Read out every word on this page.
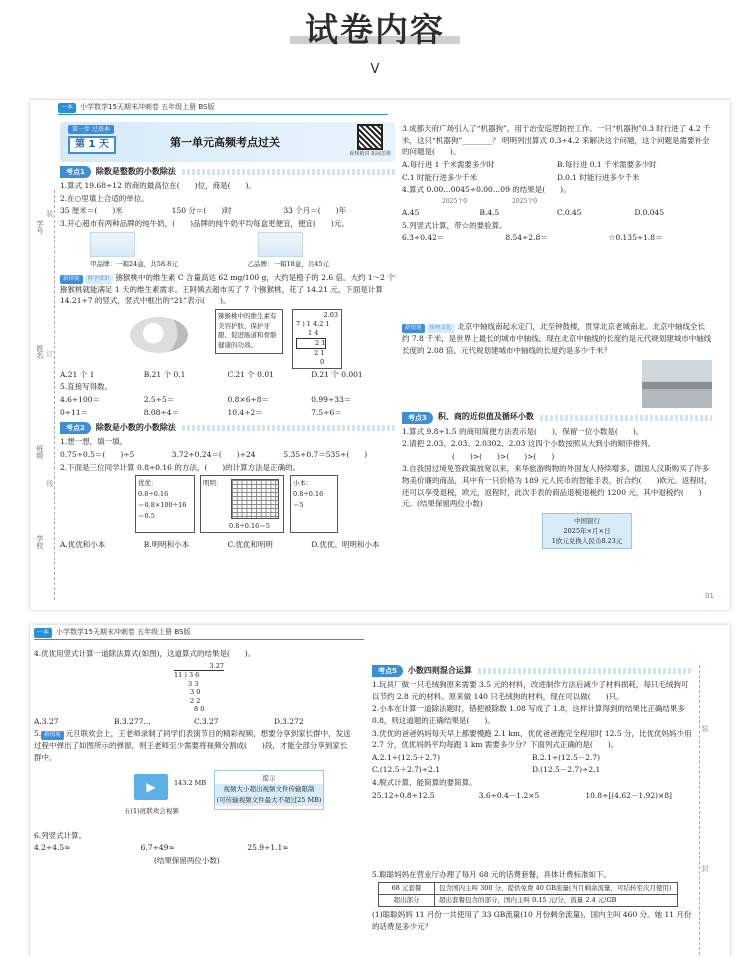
试卷内容
V
一本 小学数学15天期末冲刺卷 五年级上册 BS版
学号
姓名
班级
学校
装
订
线
第一步 过基本
第 1 天	第一单元高频考点过关
视频精讲 拓展思维
考点1	除数是整数的小数除法
1.算式 19.68÷12 的商的最高位在(　　)位，商是(　　)。
2.在○里填上合适的单位。
35 厘米＝(　　)米	150 分＝(　　)时	33 个月＝(　　)年
3.开心超市有两种品牌的纯牛奶，(　　)品牌的纯牛奶平均每盒更便宜，便宜(　　)元。
甲品牌：一箱24盒，共58.8元	乙品牌：一箱18盒，共45元
新情境 科学常识 猕猴桃中的维生素 C 含量高达 62 mg/100 g，大约是橙子的 2.6 倍。大约 1～2 个猕猴桃就能满足 1 天的维生素需求。王阿姨去超市买了 7 个猕猴桃，花了 14.21 元，下面是计算 14.21÷7 的竖式，竖式中框出的“21”表示(　　)。
猕猴桃中的维生素有美容护肤、保护牙龈、促进肠道和骨骼健康的功效。
2.03
7 ) 1 4.2 1
1 4
2 1
2 1
0
A.21 个 1	B.21 个 0.1	C.21 个 0.01	D.21 个 0.001
5.直接写得数。
4.6÷100＝	2.5÷5＝	0.8×6÷8＝	0.99÷33＝
0÷11＝	8.08÷4＝	10.4÷2＝	7.5÷6＝
考点2	除数是小数的小数除法
1.想一想，填一填。
0.75÷0.5＝(　　)÷5	3.72÷0.24＝(　　)÷24	5.35÷0.7＝535÷(　　)
2.下面是三位同学计算 0.8÷0.16 的方法，(　　)的计算方法是正确的。
优优：
0.8÷0.16
＝0.8×100÷16
＝0.5
明明：
0.8÷0.16＝5
小本：
0.8÷0.16
＝5
A.优优和小本	B.明明和小本	C.优优和明明	D.优优、明明和小本
3.成都天府广场引入了“机器狗”，用于治安巡逻防控工作。一只“机器狗”0.3 时行进了 4.2 千米，这只“机器狗”________？ 明明列出算式 0.3÷4.2 来解决这个问题，这个问题是需要补全的问题是(　　)。
A.每行进 1 千米需要多少时	B.每行进 0.1 千米需要多少时
C.1 时能行进多少千米	D.0.1 时能行进多少千米
4.算式 0.00…0045÷0.00…09 的结果是(　　)。
2025个0	2025个0
A.45	B.4.5	C.0.45	D.0.045
5.列竖式计算，带☆的要验算。
6.3÷0.42＝	8.54÷2.8＝	☆0.135÷1.8＝
新情境 传统文化 北京中轴线南起永定门，北至钟鼓楼，贯穿北京老城南北。北京中轴线全长约 7.8 千米，是世界上最长的城市中轴线。现在北京中轴线的长度约是元代规划建城市中轴线长度的 2.08 倍。元代规划建城市中轴线的长度约是多少千米？
考点3	积、商的近似值及循环小数
1.算式 9.8÷1.5 的商用简便方法表示是(　　)，保留一位小数是(　　)。
2.请把 2.03、2.03̇、2.0302、2.03̇ 这四个小数按照从大到小的顺序排列。
(　　)>(　　)>(　　)>(　　)
3.自我国过境免签政策放宽以来，来华旅游购物的外国友人持续增多。德国人汉斯购买了许多物美价廉的商品，其中有一只价格为 189 元人民币的智能手表，折合约(　　)欧元。返程时，还可以享受退税，欧元，返程时，此次手表的商品退税退税约 1200 元，其中退税约(　　)元。(结果保留两位小数)
中国银行
2025年×月×日
1欧元兑换人民币8.23元
01
一本 小学数学15天期末冲刺卷 五年级上册 BS版
装
封
4.优优用竖式计算一道除法算式(如图)，这道算式的结果是(　　)。
3.27
11 ) 3 6
3 3
3 0
2 2
8 0
A.3.27	B.3.277…	C.3.27	D.3.272
5. 新情境 元旦联欢会上，王老师录制了同学们表演节目的精彩视频，想要分享到家长群中，发送过程中弹出了如图所示的弹窗，则王老师至少需要将视频分割成(　　)段，才能全部分享到家长群中。
▶	143.2 MB
五(1)班联欢会视频
提示
视频大小超出视频文件传输限制
(可传输视频文件最大不超过25 MB)
6.列竖式计算。
4.2÷4.5≈	6.7÷49≈	25.9÷1.1≈
(结果保留两位小数)
考点5	小数四则混合运算
1.玩具厂做一只毛绒狗原来需要 3.5 元的材料，改进制作方法后减少了材料损耗，每只毛绒狗可以节约 2.8 元的材料。原来做 140 只毛绒狗的材料，现在可以做(　　)只。
2.小本在计算一道除法题时，错把被除数 1.08 写成了 1.8，这样计算得到的结果比正确结果多 0.8，则这道题的正确结果是(　　)。
3.优优的爸爸妈妈每天早上都要慢跑 2.1 km，优优爸爸跑完全程用时 12.5 分，比优优妈妈少用 2.7 分，优优妈妈平均每跑 1 km 需要多少分？下面列式正确的是(　　)。
A.2.1÷(12.5＋2.7)	B.2.1÷(12.5－2.7)
C.(12.5＋2.7)÷2.1	D.(12.5－2.7)÷2.1
4.脱式计算，能简算的要简算。
25.12÷0.8÷12.5	3.6÷0.4－1.2×5	10.8÷[(4.62－1.92)×8]
5.聪聪妈妈在营业厅办理了每月 68 元的话费套餐，具体计费标准如下。
68 元套餐	包含国内主叫 300 分，提供免费 40 GB流量(当月剩余流量，可结转至次月使用)
超出部分	超出套餐包含的部分，国内主叫 0.15 元/分，流量 2.4 元/GB
(1)聪聪妈妈 11 月份一共使用了 33 GB流量(10 月份剩余流量)，国内主叫 460 分。她 11 月份的话费是多少元？
